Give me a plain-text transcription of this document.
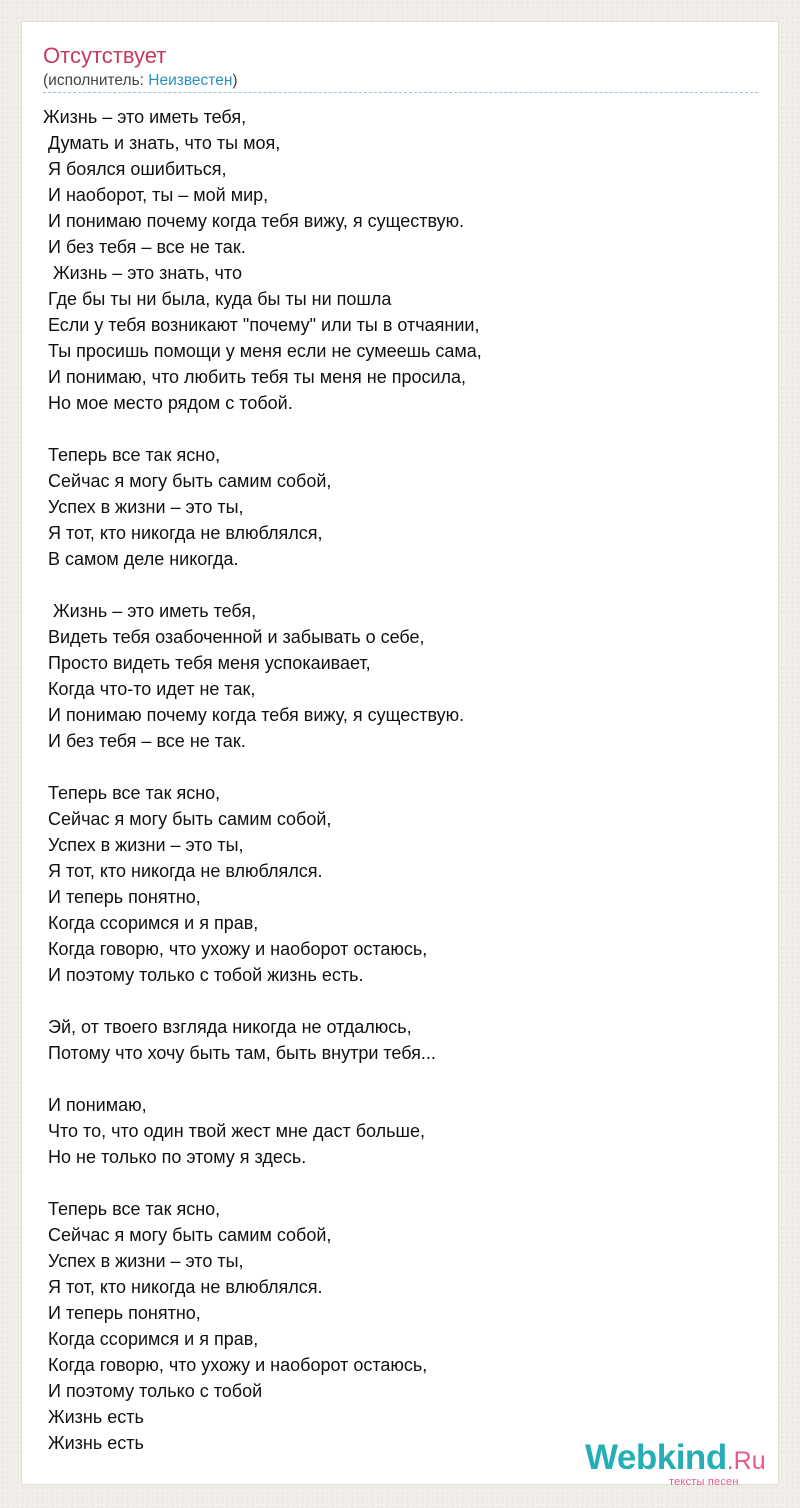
Отсутствует
(исполнитель: Неизвестен)
Жизнь – это иметь тебя,
Думать и знать, что ты моя,
Я боялся ошибиться,
И наоборот, ты – мой мир,
И понимаю почему когда тебя вижу, я существую.
И без тебя – все не так.
Жизнь – это знать, что
Где бы ты ни была, куда бы ты ни пошла
Если у тебя возникают "почему" или ты в отчаянии,
Ты просишь помощи у меня если не сумеешь сама,
И понимаю, что любить тебя ты меня не просила,
Но мое место рядом с тобой.
Теперь все так ясно,
Сейчас я могу быть самим собой,
Успех в жизни – это ты,
Я тот, кто никогда не влюблялся,
В самом деле никогда.
Жизнь – это иметь тебя,
Видеть тебя озабоченной и забывать о себе,
Просто видеть тебя меня успокаивает,
Когда что-то идет не так,
И понимаю почему когда тебя вижу, я существую.
И без тебя – все не так.
Теперь все так ясно,
Сейчас я могу быть самим собой,
Успех в жизни – это ты,
Я тот, кто никогда не влюблялся.
И теперь понятно,
Когда ссоримся и я прав,
Когда говорю, что ухожу и наоборот остаюсь,
И поэтому только с тобой жизнь есть.
Эй, от твоего взгляда никогда не отдалюсь,
Потому что хочу быть там, быть внутри тебя...
И понимаю,
Что то, что один твой жест мне даст больше,
Но не только по этому я здесь.
Теперь все так ясно,
Сейчас я могу быть самим собой,
Успех в жизни – это ты,
Я тот, кто никогда не влюблялся.
И теперь понятно,
Когда ссоримся и я прав,
Когда говорю, что ухожу и наоборот остаюсь,
И поэтому только с тобой
Жизнь есть
Жизнь есть	Webkind.Ru
тексты песен
